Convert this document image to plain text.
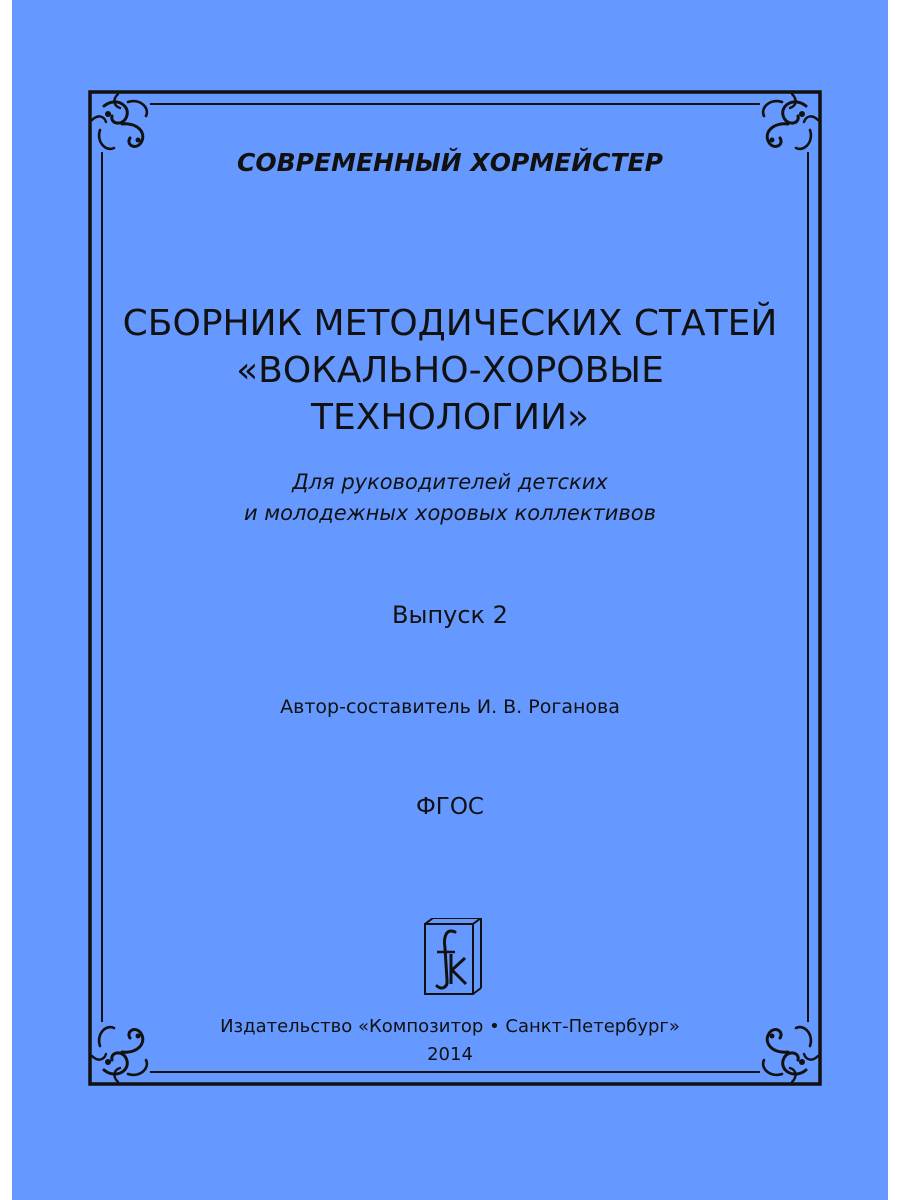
СОВРЕМЕННЫЙ ХОРМЕЙСТЕР
СБОРНИК МЕТОДИЧЕСКИХ СТАТЕЙ
«ВОКАЛЬНО-ХОРОВЫЕ
ТЕХНОЛОГИИ»
Для руководителей детских
и молодежных хоровых коллективов
Выпуск 2
Автор-составитель И. В. Роганова
ФГОС
Издательство «Композитор • Санкт-Петербург»
2014
